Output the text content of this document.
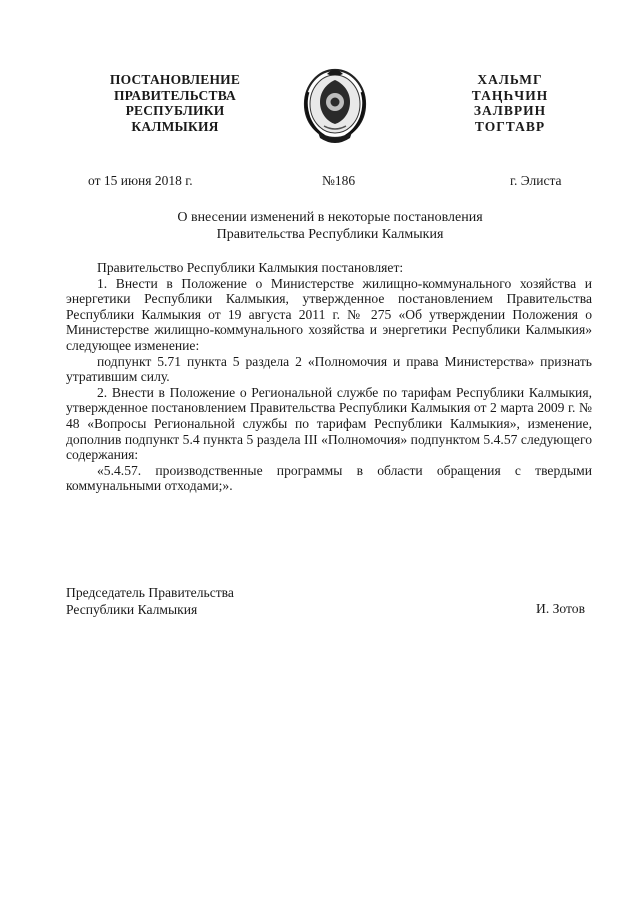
ПОСТАНОВЛЕНИЕ
ПРАВИТЕЛЬСТВА
РЕСПУБЛИКИ
КАЛМЫКИЯ
ХАЛЬМГ
ТАҢҺЧИН
ЗАЛВРИН
ТОГТАВР
от 15 июня 2018 г.	№186	г. Элиста
О внесении изменений в некоторые постановления
Правительства Республики Калмыкия

Правительство Республики Калмыкия постановляет:

1. Внести в Положение о Министерстве жилищно-коммунального хозяйства и энергетики Республики Калмыкия, утвержденное постановлением Правительства Республики Калмыкия от 19 августа 2011 г. № 275 «Об утверждении Положения о Министерстве жилищно-коммунального хозяйства и энергетики Республики Калмыкия» следующее изменение:

подпункт 5.71 пункта 5 раздела 2 «Полномочия и права Министерства» признать утратившим силу.

2. Внести в Положение о Региональной службе по тарифам Республики Калмыкия, утвержденное постановлением Правительства Республики Калмыкия от 2 марта 2009 г. № 48 «Вопросы Региональной службы по тарифам Республики Калмыкия», изменение, дополнив подпункт 5.4 пункта 5 раздела III «Полномочия» подпунктом 5.4.57 следующего содержания:

«5.4.57. производственные программы в области обращения с твердыми коммунальными отходами;».

Председатель Правительства
Республики Калмыкия	И. Зотов
